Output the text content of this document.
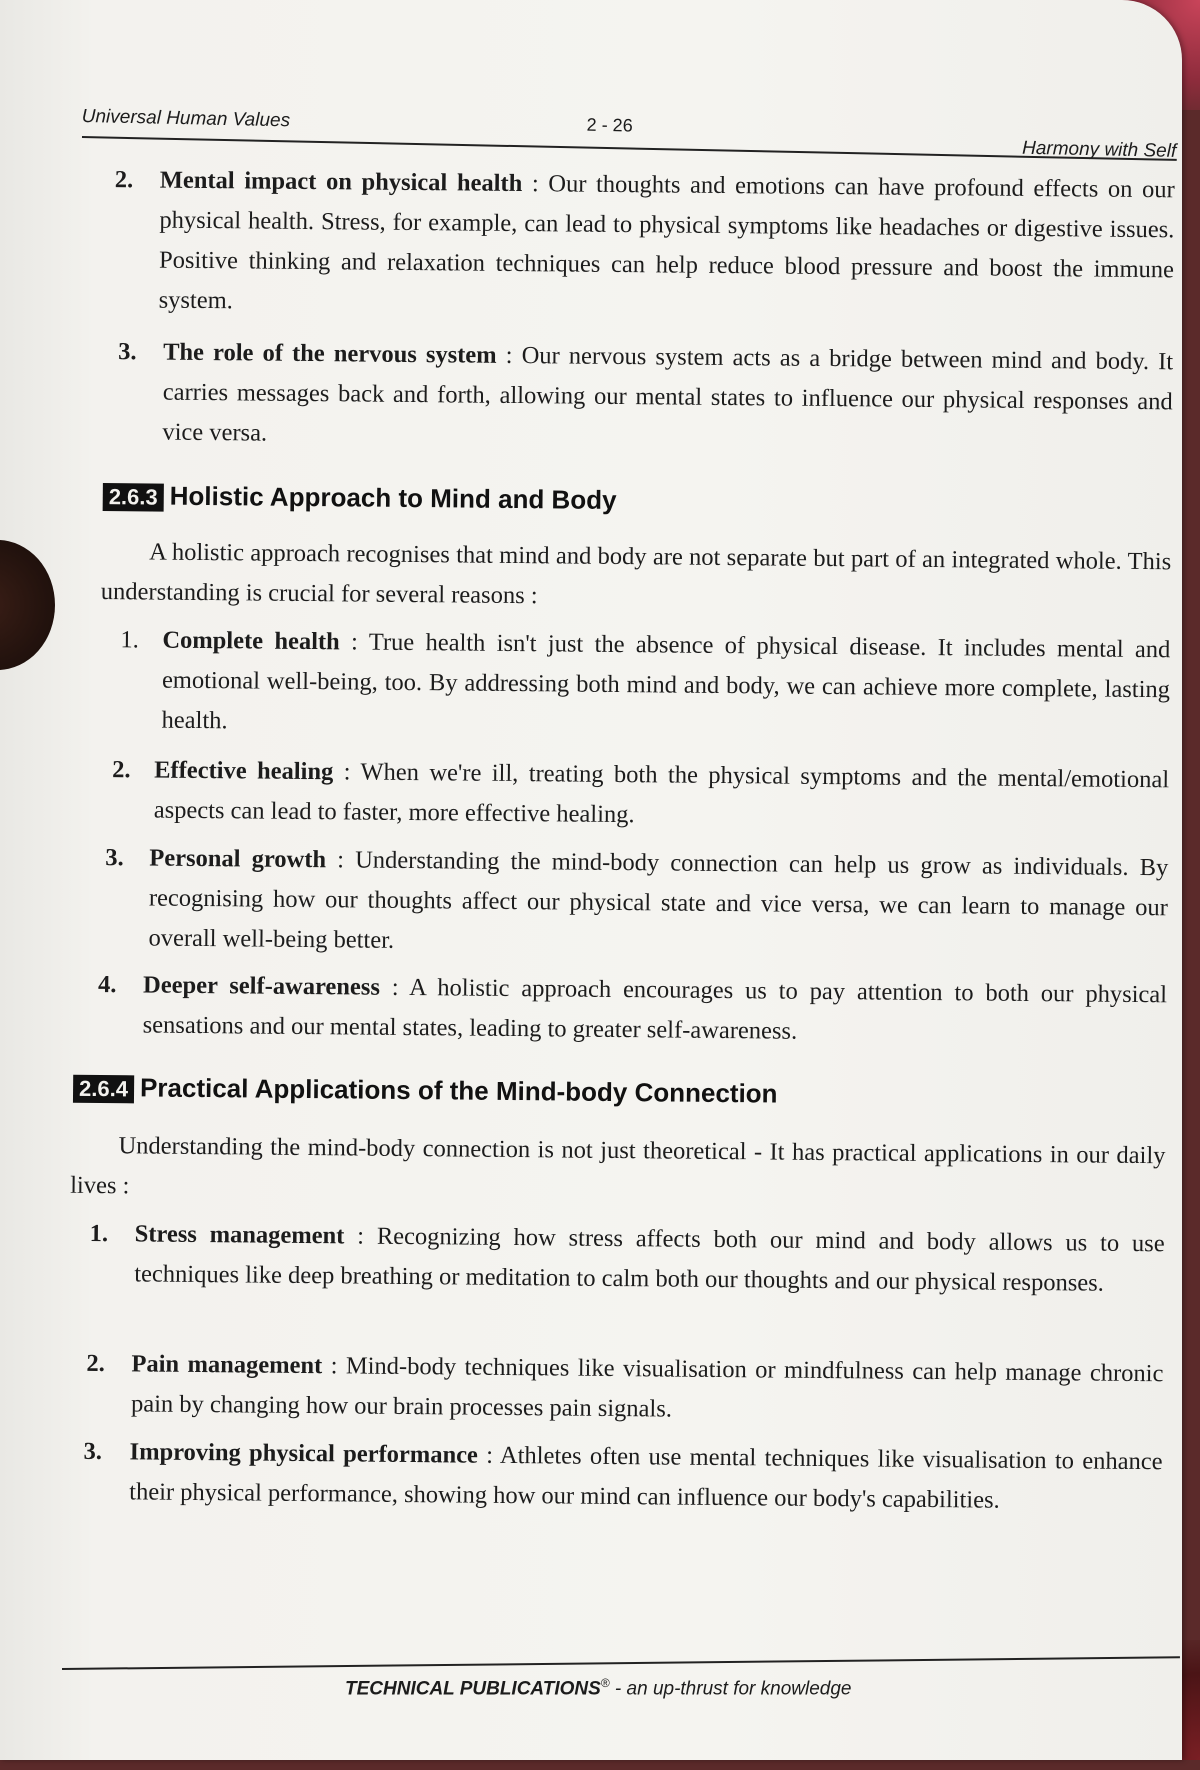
Universal Human Values	2 - 26
Harmony with Self
2. Mental impact on physical health : Our thoughts and emotions can have profound effects on our physical health. Stress, for example, can lead to physical symptoms like headaches or digestive issues. Positive thinking and relaxation techniques can help reduce blood pressure and boost the immune system.
3. The role of the nervous system : Our nervous system acts as a bridge between mind and body. It carries messages back and forth, allowing our mental states to influence our physical responses and vice versa.
2.6.3 Holistic Approach to Mind and Body
A holistic approach recognises that mind and body are not separate but part of an integrated whole. This understanding is crucial for several reasons :
1. Complete health : True health isn't just the absence of physical disease. It includes mental and emotional well-being, too. By addressing both mind and body, we can achieve more complete, lasting health.
2. Effective healing : When we're ill, treating both the physical symptoms and the mental/emotional aspects can lead to faster, more effective healing.
3. Personal growth : Understanding the mind-body connection can help us grow as individuals. By recognising how our thoughts affect our physical state and vice versa, we can learn to manage our overall well-being better.
4. Deeper self-awareness : A holistic approach encourages us to pay attention to both our physical sensations and our mental states, leading to greater self-awareness.
2.6.4 Practical Applications of the Mind-body Connection
Understanding the mind-body connection is not just theoretical - It has practical applications in our daily lives :
1. Stress management : Recognizing how stress affects both our mind and body allows us to use techniques like deep breathing or meditation to calm both our thoughts and our physical responses.
2. Pain management : Mind-body techniques like visualisation or mindfulness can help manage chronic pain by changing how our brain processes pain signals.
3. Improving physical performance : Athletes often use mental techniques like visualisation to enhance their physical performance, showing how our mind can influence our body's capabilities.
TECHNICAL PUBLICATIONS® - an up-thrust for knowledge
